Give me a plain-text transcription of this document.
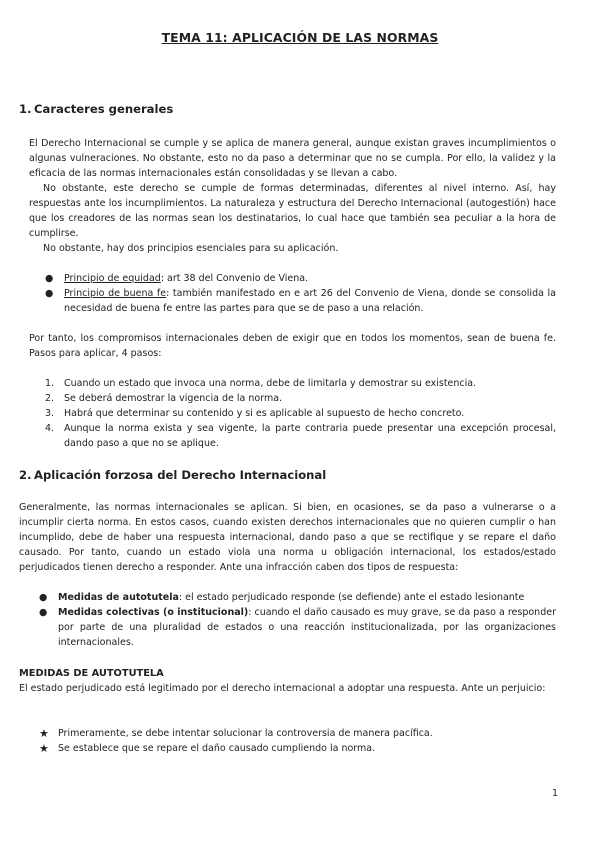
TEMA 11: APLICACIÓN DE LAS NORMAS
1. Caracteres generales

El Derecho Internacional se cumple y se aplica de manera general, aunque existan graves incumplimientos o algunas vulneraciones. No obstante, esto no da paso a determinar que no se cumpla. Por ello, la validez y la eficacia de las normas internacionales están consolidadas y se llevan a cabo.

No obstante, este derecho se cumple de formas determinadas, diferentes al nivel interno. Así, hay respuestas ante los incumplimientos. La naturaleza y estructura del Derecho Internacional (autogestión) hace que los creadores de las normas sean los destinatarios, lo cual hace que también sea peculiar a la hora de cumplirse.

No obstante, hay dos principios esenciales para su aplicación.

● Principio de equidad: art 38 del Convenio de Viena.
● Principio de buena fe: también manifestado en e art 26 del Convenio de Viena, donde se consolida la necesidad de buena fe entre las partes para que se de paso a una relación.

Por tanto, los compromisos internacionales deben de exigir que en todos los momentos, sean de buena fe. Pasos para aplicar, 4 pasos:

1. Cuando un estado que invoca una norma, debe de limitarla y demostrar su existencia.
2. Se deberá demostrar la vigencia de la norma.
3. Habrá que determinar su contenido y si es aplicable al supuesto de hecho concreto.
4. Aunque la norma exista y sea vigente, la parte contraria puede presentar una excepción procesal, dando paso a que no se aplique.
2. Aplicación forzosa del Derecho Internacional

Generalmente, las normas internacionales se aplican. Si bien, en ocasiones, se da paso a vulnerarse o a incumplir cierta norma. En estos casos, cuando existen derechos internacionales que no quieren cumplir o han incumplido, debe de haber una respuesta internacional, dando paso a que se rectifique y se repare el daño causado. Por tanto, cuando un estado viola una norma u obligación internacional, los estados/estado perjudicados tienen derecho a responder. Ante una infracción caben dos tipos de respuesta:

● Medidas de autotutela: el estado perjudicado responde (se defiende) ante el estado lesionante
● Medidas colectivas (o institucional): cuando el daño causado es muy grave, se da paso a responder por parte de una pluralidad de estados o una reacción institucionalizada, por las organizaciones internacionales.
MEDIDAS DE AUTOTUTELA

El estado perjudicado está legitimado por el derecho internacional a adoptar una respuesta. Ante un perjuicio:

★ Primeramente, se debe intentar solucionar la controversia de manera pacífica.
★ Se establece que se repare el daño causado cumpliendo la norma.
1
